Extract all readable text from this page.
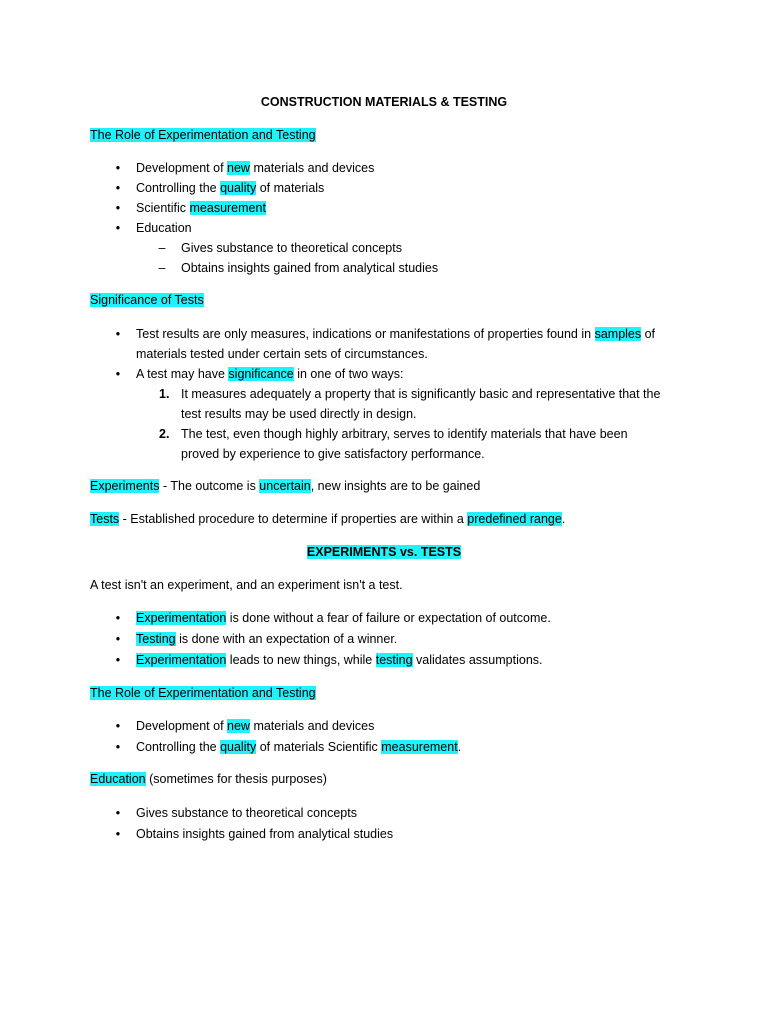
CONSTRUCTION MATERIALS & TESTING
The Role of Experimentation and Testing
• Development of new materials and devices
• Controlling the quality of materials
• Scientific measurement
• Education
– Gives substance to theoretical concepts
– Obtains insights gained from analytical studies
Significance of Tests
• Test results are only measures, indications or manifestations of properties found in samples of
materials tested under certain sets of circumstances.
• A test may have significance in one of two ways:
1. It measures adequately a property that is significantly basic and representative that the
test results may be used directly in design.
2. The test, even though highly arbitrary, serves to identify materials that have been
proved by experience to give satisfactory performance.
Experiments - The outcome is uncertain, new insights are to be gained
Tests - Established procedure to determine if properties are within a predefined range.
EXPERIMENTS vs. TESTS
A test isn't an experiment, and an experiment isn't a test.
• Experimentation is done without a fear of failure or expectation of outcome.
• Testing is done with an expectation of a winner.
• Experimentation leads to new things, while testing validates assumptions.
The Role of Experimentation and Testing
• Development of new materials and devices
• Controlling the quality of materials Scientific measurement.
Education (sometimes for thesis purposes)
• Gives substance to theoretical concepts
• Obtains insights gained from analytical studies
